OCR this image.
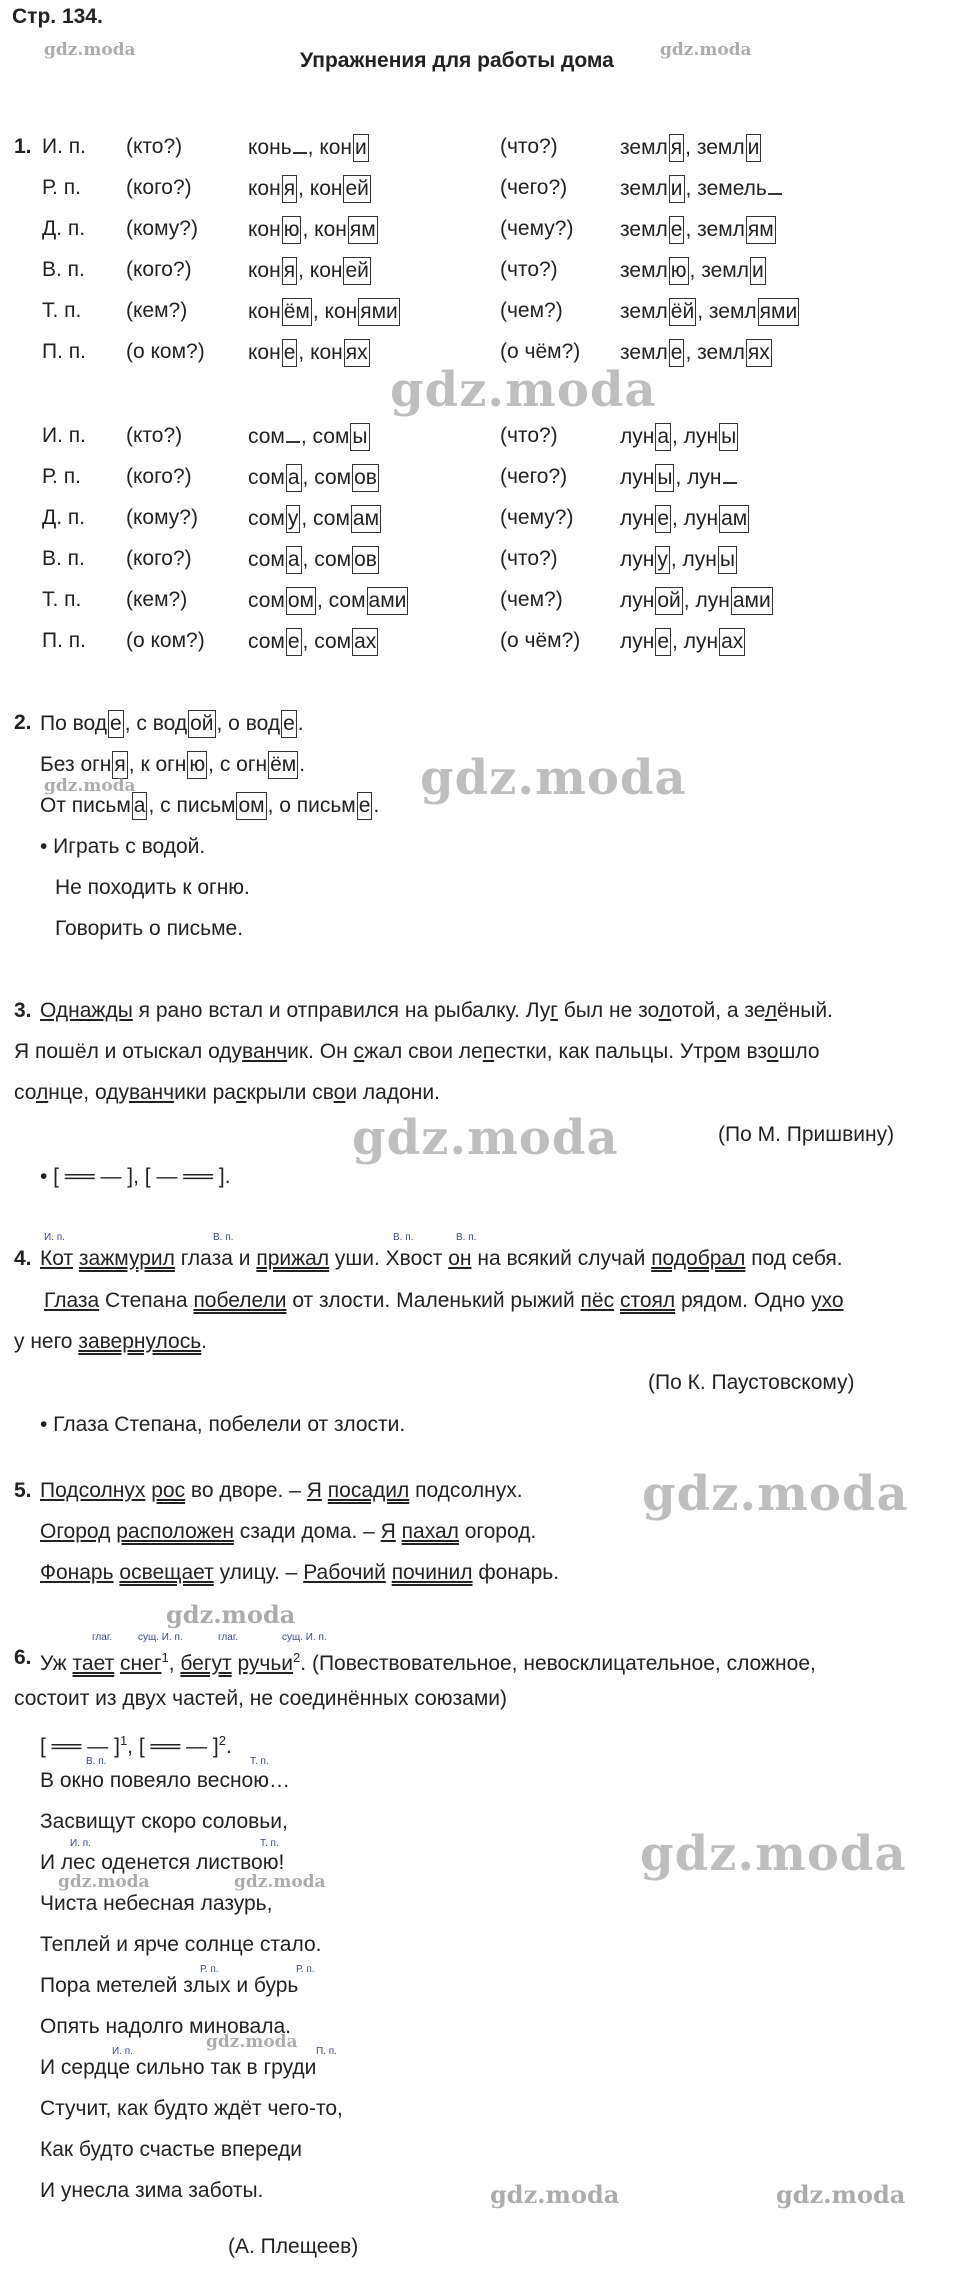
Стр. 134.
Упражнения для работы дома
1. И. п. (кто?)	конь , кон и	(что?)	земл я , земл и
Р. п. (кого?)	кон я , кон ей	(чего?)	земл и , земель
Д. п. (кому?) кон ю , кон ям	(чему?) земл е , земл ям
В. п. (кого?)	кон я , кон ей	(что?)	земл ю , земл и
Т. п. (кем?)	кон ём , кон ями	(чем?)	земл ёй , земл ями
П. п. (о ком?) кон е , кон ях	(о чём?) земл е , земл ях
И. п. (кто?)	сом , сом ы	(что?)	лун а , лун ы
Р. п. (кого?)	сом а , сом ов	(чего?)	лун ы , лун
Д. п. (кому?) сом у , сом ам	(чему?) лун е , лун ам
В. п. (кого?)	сом а , сом ов	(что?)	лун у , лун ы
Т. п. (кем?)	сом ом , сом ами	(чем?)	лун ой , лун ами
П. п. (о ком?) сом е , сом ах	(о чём?) лун е , лун ах
2. По вод е , с вод ой , о вод е .
Без огн я , к огн ю , с огн ём .
От письм а , с письм ом , о письм е .
• Играть с водой.
Не походить к огню.
Говорить о письме.
3. Однажды я рано встал и отправился на рыбалку. Луг был не золотой, а зелёный.
Я пошёл и отыскал одуванчик. Он сжал свои лепестки, как пальцы. Утром взошло
солнце, одуванчики раскрыли свои ладони.
(По М. Пришвину)
• [ ══ — ], [ — ══ ].
И. п.	В. п.	В. п.	В. п.
4. Кот зажмурил глаза и прижал уши. Хвост он на всякий случай подобрал под себя.
Глаза Степана побелели от злости. Маленький рыжий пёс стоял рядом. Одно ухо
у него завернулось.
(По К. Паустовскому)
• Глаза Степана, побелели от злости.
5. Подсолнух рос во дворе. – Я посадил подсолнух.
Огород расположен сзади дома. – Я пахал огород.
Фонарь освещает улицу. – Рабочий починил фонарь.
глаг.	сущ. И. п.	глаг.	сущ. И. п.
6. Уж тает снег$^1$, бегут ручьи$^2$. (Повествовательное, невосклицательное, сложное,
состоит из двух частей, не соединённых союзами)
[ ══ — ]$^1$, [ ══ — ]$^2$.
В окно повеяло весною…
Засвищут скоро соловьи,
И лес оденется листвою!
Чиста небесная лазурь,
Теплей и ярче солнце стало.
Пора метелей злых и бурь
Опять надолго миновала.
И сердце сильно так в груди
Стучит, как будто ждёт чего-то,
Как будто счастье впереди
И унесла зима заботы.
В. п.	Т. п.
И. п.	Т. п.
Р. п.	Р. п.
И. п.	П. п.
(А. Плещеев)
gdz.moda	gdz.moda
gdz.moda
gdz.moda	gdz.moda
gdz.moda
gdz.moda
gdz.moda
gdz.moda
gdz.moda	gdz.moda
gdz.moda
gdz.moda	gdz.moda
